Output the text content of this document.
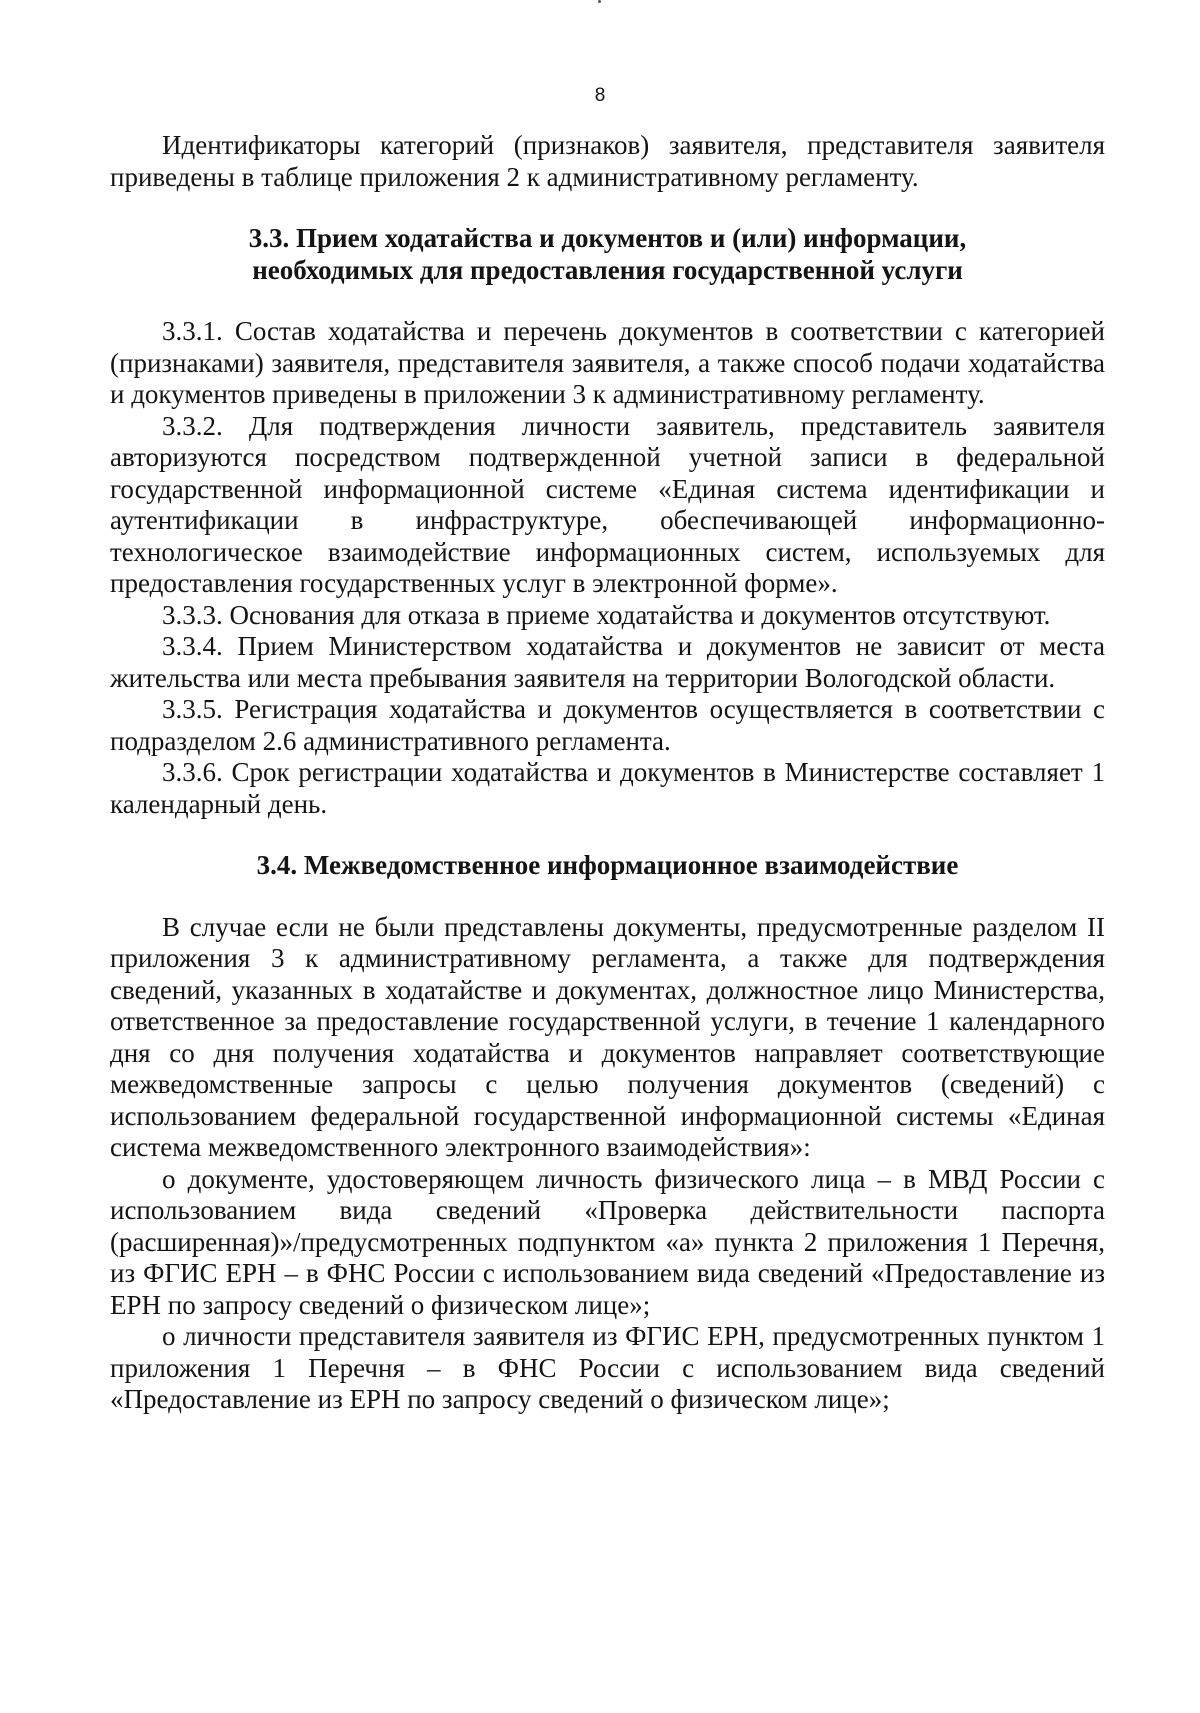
8

Идентификаторы категорий (признаков) заявителя, представителя заявителя приведены в таблице приложения 2 к административному регламенту.

3.3. Прием ходатайства и документов и (или) информации,
необходимых для предоставления государственной услуги

3.3.1. Состав ходатайства и перечень документов в соответствии с категорией (признаками) заявителя, представителя заявителя, а также способ подачи ходатайства и документов приведены в приложении 3 к административному регламенту.

3.3.2. Для подтверждения личности заявитель, представитель заявителя авторизуются посредством подтвержденной учетной записи в федеральной государственной информационной системе «Единая система идентификации и аутентификации в инфраструктуре, обеспечивающей информационно-технологическое взаимодействие информационных систем, используемых для предоставления государственных услуг в электронной форме».

3.3.3. Основания для отказа в приеме ходатайства и документов отсутствуют.

3.3.4. Прием Министерством ходатайства и документов не зависит от места жительства или места пребывания заявителя на территории Вологодской области.

3.3.5. Регистрация ходатайства и документов осуществляется в соответствии с подразделом 2.6 административного регламента.

3.3.6. Срок регистрации ходатайства и документов в Министерстве составляет 1 календарный день.

3.4. Межведомственное информационное взаимодействие

В случае если не были представлены документы, предусмотренные разделом II приложения 3 к административному регламента, а также для подтверждения сведений, указанных в ходатайстве и документах, должностное лицо Министерства, ответственное за предоставление государственной услуги, в течение 1 календарного дня со дня получения ходатайства и документов направляет соответствующие межведомственные запросы с целью получения документов (сведений) с использованием федеральной государственной информационной системы «Единая система межведомственного электронного взаимодействия»:

о документе, удостоверяющем личность физического лица – в МВД России с использованием вида сведений «Проверка действительности паспорта (расширенная)»/предусмотренных подпунктом «а» пункта 2 приложения 1 Перечня, из ФГИС ЕРН – в ФНС России с использованием вида сведений «Предоставление из ЕРН по запросу сведений о физическом лице»;

о личности представителя заявителя из ФГИС ЕРН, предусмотренных пунктом 1 приложения 1 Перечня – в ФНС России с использованием вида сведений «Предоставление из ЕРН по запросу сведений о физическом лице»;
